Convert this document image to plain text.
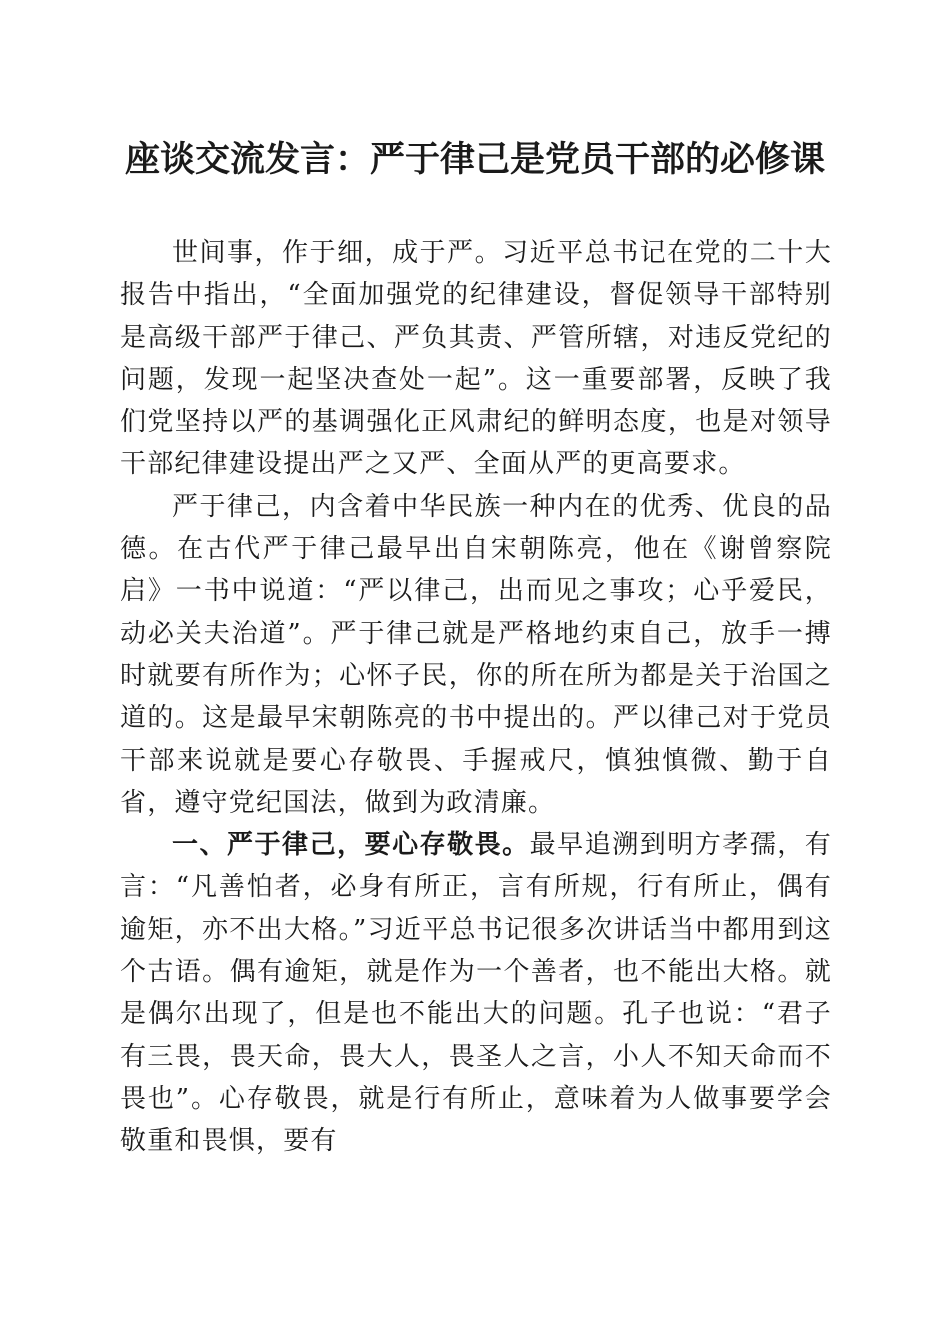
座谈交流发言：严于律己是党员干部的必修课

世间事，作于细，成于严。习近平总书记在党的二十大报告中指出，“全面加强党的纪律建设，督促领导干部特别是高级干部严于律己、严负其责、严管所辖，对违反党纪的问题，发现一起坚决查处一起”。这一重要部署，反映了我们党坚持以严的基调强化正风肃纪的鲜明态度，也是对领导干部纪律建设提出严之又严、全面从严的更高要求。

严于律己，内含着中华民族一种内在的优秀、优良的品德。在古代严于律己最早出自宋朝陈亮，他在《谢曾察院启》一书中说道：“严以律己，出而见之事攻；心乎爱民，动必关夫治道”。严于律己就是严格地约束自己，放手一搏时就要有所作为；心怀子民，你的所在所为都是关于治国之道的。这是最早宋朝陈亮的书中提出的。严以律己对于党员干部来说就是要心存敬畏、手握戒尺，慎独慎微、勤于自省，遵守党纪国法，做到为政清廉。

一、严于律己，要心存敬畏。最早追溯到明方孝孺，有言：“凡善怕者，必身有所正，言有所规，行有所止，偶有逾矩，亦不出大格。”习近平总书记很多次讲话当中都用到这个古语。偶有逾矩，就是作为一个善者，也不能出大格。就是偶尔出现了，但是也不能出大的问题。孔子也说：“君子有三畏，畏天命，畏大人，畏圣人之言，小人不知天命而不畏也”。心存敬畏，就是行有所止，意味着为人做事要学会敬重和畏惧，要有
